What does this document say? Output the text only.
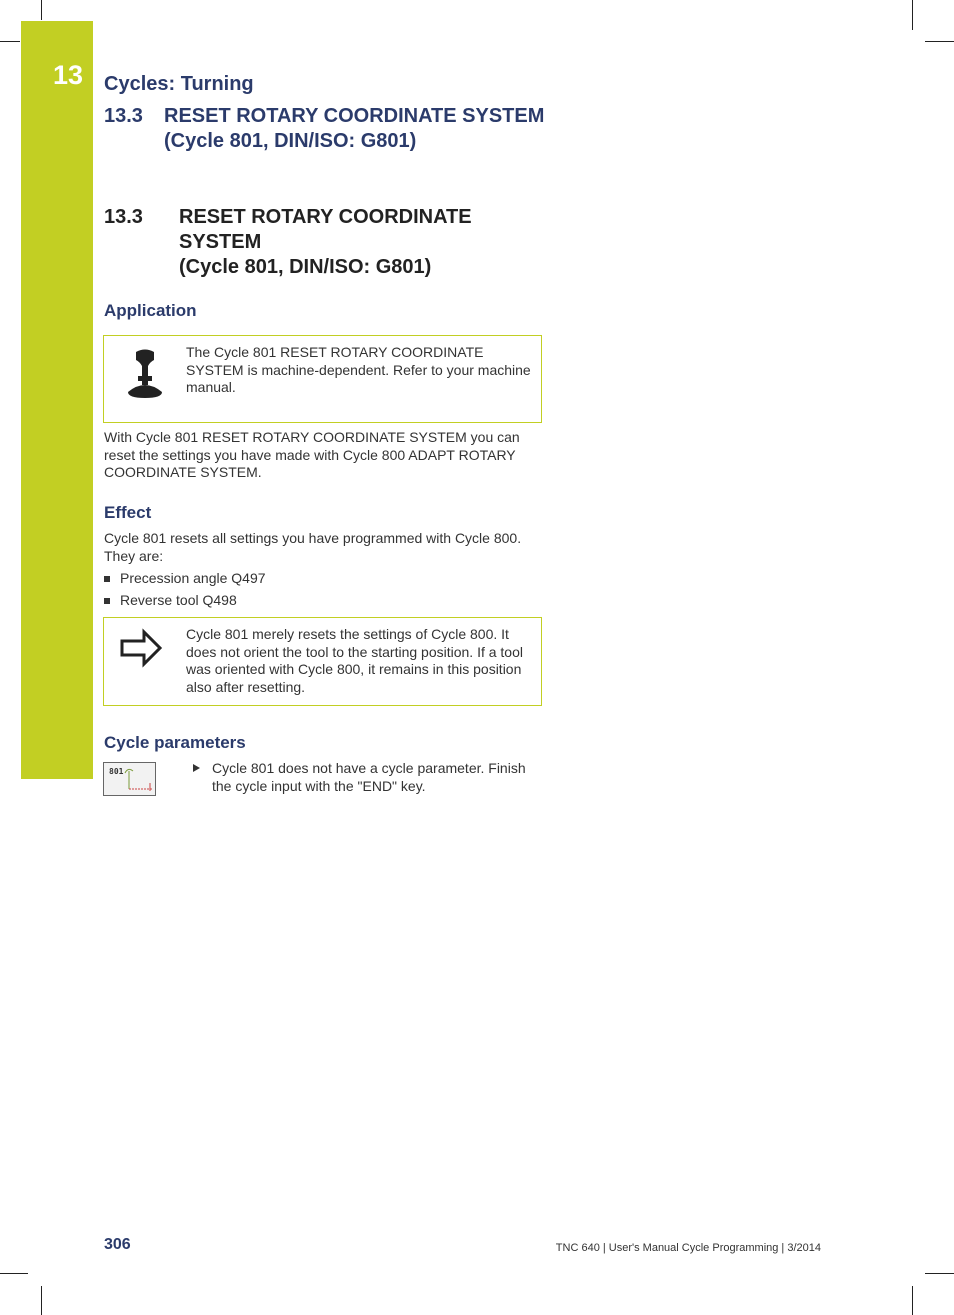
13 Cycles: Turning
13.3 RESET ROTARY COORDINATE SYSTEM
(Cycle 801, DIN/ISO: G801)
13.3 RESET ROTARY COORDINATE
SYSTEM
(Cycle 801, DIN/ISO: G801)
Application
The Cycle 801 RESET ROTARY COORDINATE SYSTEM is machine-dependent. Refer to your machine manual.
With Cycle 801 RESET ROTARY COORDINATE SYSTEM you can reset the settings you have made with Cycle 800 ADAPT ROTARY COORDINATE SYSTEM.
Effect
Cycle 801 resets all settings you have programmed with Cycle 800. They are:
Precession angle Q497
Reverse tool Q498
Cycle 801 merely resets the settings of Cycle 800. It does not orient the tool to the starting position. If a tool was oriented with Cycle 800, it remains in this position also after resetting.
Cycle parameters
801	Cycle 801 does not have a cycle parameter. Finish the cycle input with the "END" key.
306	TNC 640 | User's Manual Cycle Programming | 3/2014
